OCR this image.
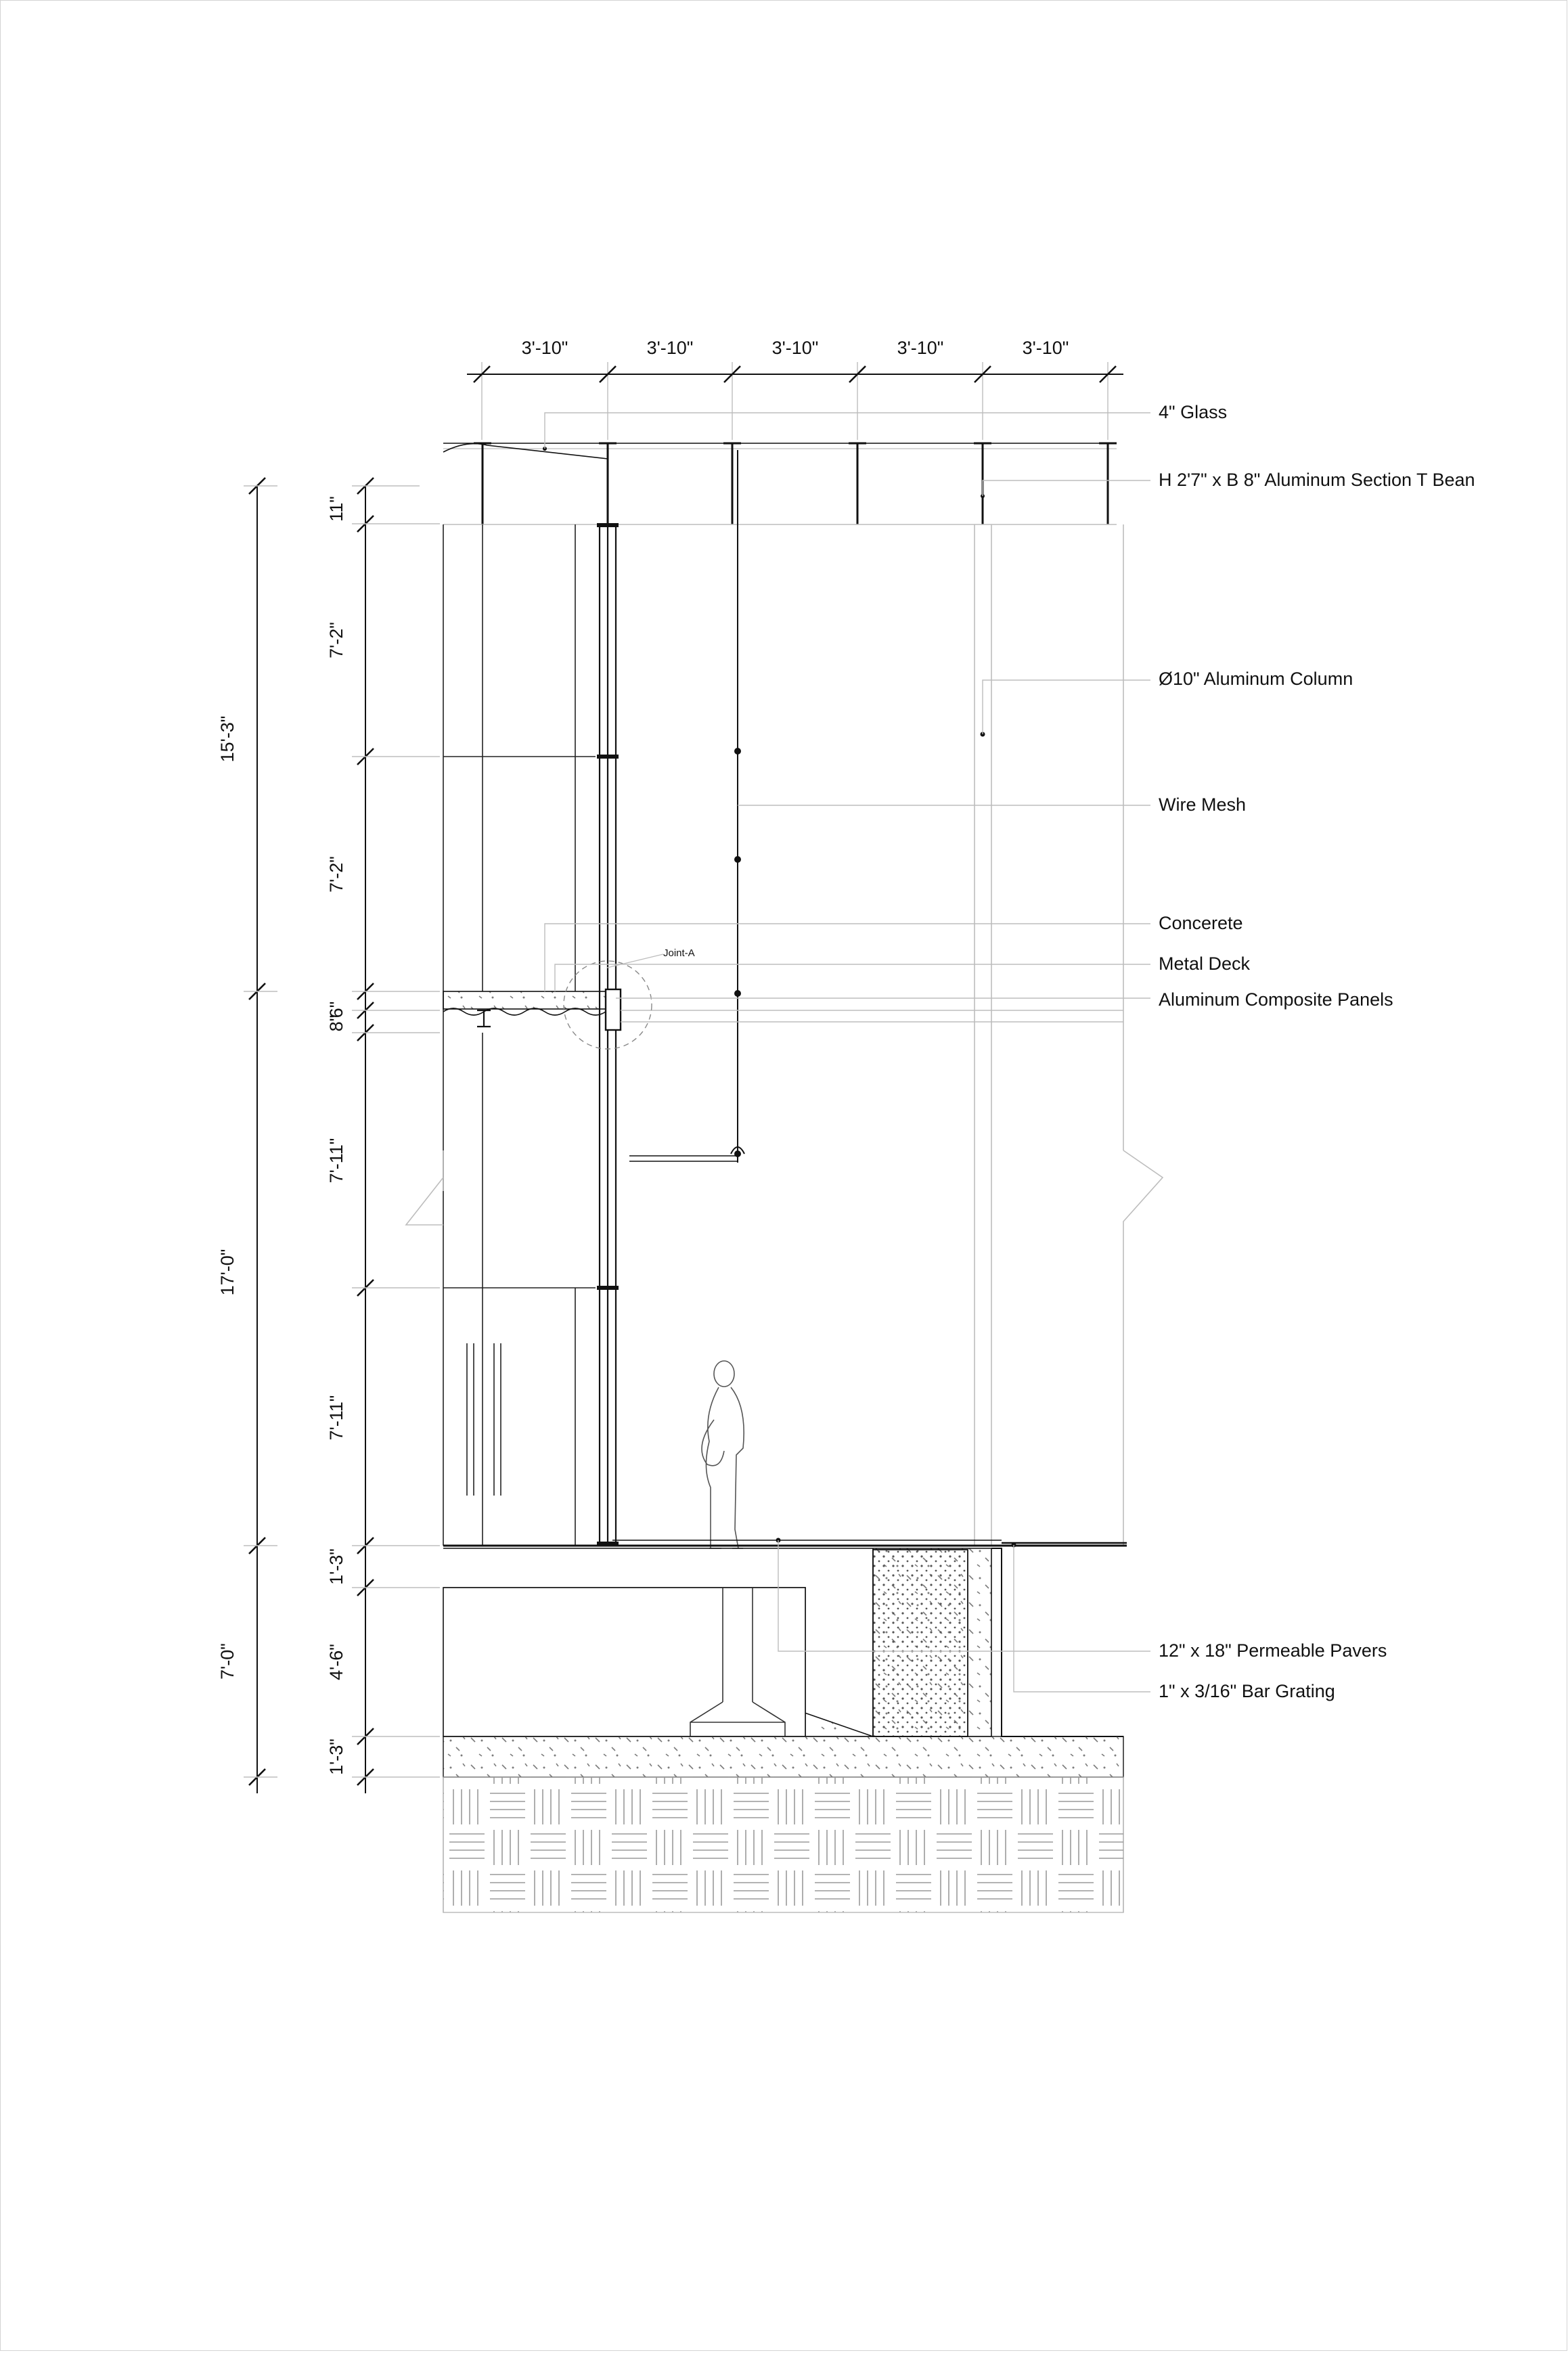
3'-10"	3'-10"	3'-10"	3'-10"	3'-10"
15'-3"
17'-0"
7'-0"
11"
7'-2"
7'-2"
6"
8"
7'-11"
7'-11"
1'-3"
4'-6"
1'-3"
4" Glass
H 2'7" x B 8" Aluminum Section T Bean
Ø10" Aluminum Column
Wire Mesh
Concerete
Metal Deck
Aluminum Composite Panels
12" x 18" Permeable Pavers
1" x 3/16" Bar Grating
Joint-A
